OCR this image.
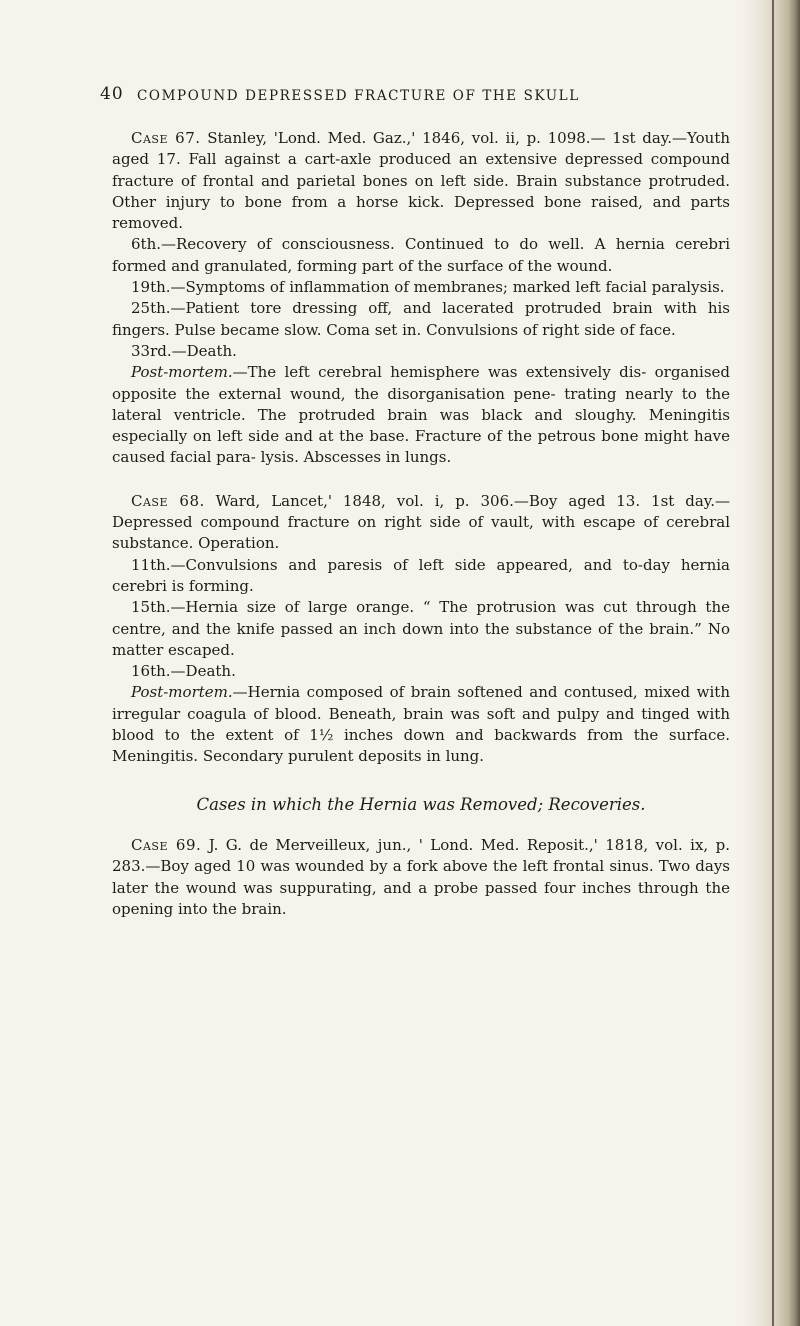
40 COMPOUND DEPRESSED FRACTURE OF THE SKULL

Case 67. Stanley, 'Lond. Med. Gaz.,' 1846, vol. ii, p. 1098.— 1st day.—Youth aged 17. Fall against a cart-axle produced an extensive depressed compound fracture of frontal and parietal bones on left side. Brain substance protruded. Other injury to bone from a horse kick. Depressed bone raised, and parts removed.

6th.—Recovery of consciousness. Continued to do well. A hernia cerebri formed and granulated, forming part of the surface of the wound.

19th.—Symptoms of inflammation of membranes; marked left facial paralysis.

25th.—Patient tore dressing off, and lacerated protruded brain with his fingers. Pulse became slow. Coma set in. Convulsions of right side of face.

33rd.—Death.

Post-mortem.—The left cerebral hemisphere was extensively dis- organised opposite the external wound, the disorganisation pene- trating nearly to the lateral ventricle. The protruded brain was black and sloughy. Meningitis especially on left side and at the base. Fracture of the petrous bone might have caused facial para- lysis. Abscesses in lungs.

Case 68. Ward, Lancet,' 1848, vol. i, p. 306.—Boy aged 13. 1st day.—Depressed compound fracture on right side of vault, with escape of cerebral substance. Operation.

11th.—Convulsions and paresis of left side appeared, and to-day hernia cerebri is forming.

15th.—Hernia size of large orange. “ The protrusion was cut through the centre, and the knife passed an inch down into the substance of the brain.” No matter escaped.

16th.—Death.

Post-mortem.—Hernia composed of brain softened and contused, mixed with irregular coagula of blood. Beneath, brain was soft and pulpy and tinged with blood to the extent of 1½ inches down and backwards from the surface. Meningitis. Secondary purulent deposits in lung.

Cases in which the Hernia was Removed; Recoveries.

Case 69. J. G. de Merveilleux, jun., ' Lond. Med. Reposit.,' 1818, vol. ix, p. 283.—Boy aged 10 was wounded by a fork above the left frontal sinus. Two days later the wound was suppurating, and a probe passed four inches through the opening into the brain.
